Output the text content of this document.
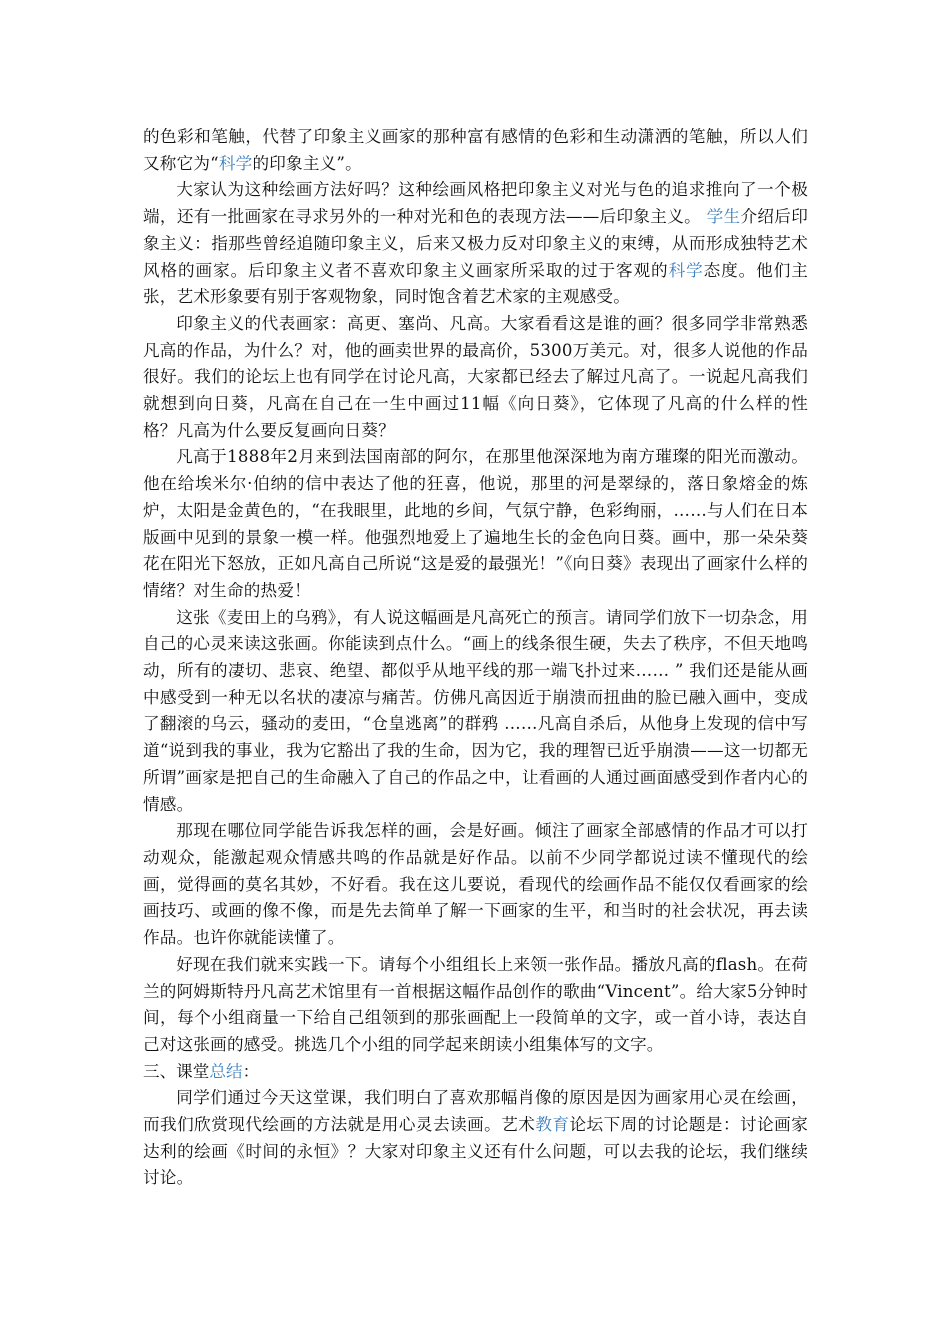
的色彩和笔触，代替了印象主义画家的那种富有感情的色彩和生动潇洒的笔触，所以人们又称它为“科学的印象主义”。

大家认为这种绘画方法好吗？这种绘画风格把印象主义对光与色的追求推向了一个极端，还有一批画家在寻求另外的一种对光和色的表现方法——后印象主义。 学生介绍后印象主义：指那些曾经追随印象主义，后来又极力反对印象主义的束缚，从而形成独特艺术风格的画家。后印象主义者不喜欢印象主义画家所采取的过于客观的科学态度。他们主张，艺术形象要有别于客观物象，同时饱含着艺术家的主观感受。

印象主义的代表画家：高更、塞尚、凡高。大家看看这是谁的画？很多同学非常熟悉凡高的作品，为什么？对，他的画卖世界的最高价，5300万美元。对，很多人说他的作品很好。我们的论坛上也有同学在讨论凡高，大家都已经去了解过凡高了。一说起凡高我们就想到向日葵，凡高在自己在一生中画过11幅《向日葵》，它体现了凡高的什么样的性格？凡高为什么要反复画向日葵？

凡高于1888年2月来到法国南部的阿尔，在那里他深深地为南方璀璨的阳光而激动。他在给埃米尔·伯纳的信中表达了他的狂喜，他说，那里的河是翠绿的，落日象熔金的炼炉，太阳是金黄色的，“在我眼里，此地的乡间，气氛宁静，色彩绚丽，……与人们在日本版画中见到的景象一模一样。他强烈地爱上了遍地生长的金色向日葵。画中，那一朵朵葵花在阳光下怒放，正如凡高自己所说“这是爱的最强光！”《向日葵》表现出了画家什么样的情绪？对生命的热爱！

这张《麦田上的乌鸦》，有人说这幅画是凡高死亡的预言。请同学们放下一切杂念，用自己的心灵来读这张画。你能读到点什么。“画上的线条很生硬，失去了秩序，不但天地鸣动，所有的凄切、悲哀、绝望、都似乎从地平线的那一端飞扑过来…… ” 我们还是能从画中感受到一种无以名状的凄凉与痛苦。仿佛凡高因近于崩溃而扭曲的脸已融入画中，变成了翻滚的乌云，骚动的麦田，“仓皇逃离”的群鸦 ……凡高自杀后，从他身上发现的信中写道“说到我的事业，我为它豁出了我的生命，因为它，我的理智已近乎崩溃——这一切都无所谓”画家是把自己的生命融入了自己的作品之中，让看画的人通过画面感受到作者内心的情感。

那现在哪位同学能告诉我怎样的画，会是好画。倾注了画家全部感情的作品才可以打动观众，能激起观众情感共鸣的作品就是好作品。以前不少同学都说过读不懂现代的绘画，觉得画的莫名其妙，不好看。我在这儿要说，看现代的绘画作品不能仅仅看画家的绘画技巧、或画的像不像，而是先去简单了解一下画家的生平，和当时的社会状况，再去读作品。也许你就能读懂了。

好现在我们就来实践一下。请每个小组组长上来领一张作品。播放凡高的flash。在荷兰的阿姆斯特丹凡高艺术馆里有一首根据这幅作品创作的歌曲“Vincent”。给大家5分钟时间，每个小组商量一下给自己组领到的那张画配上一段简单的文字，或一首小诗，表达自己对这张画的感受。挑选几个小组的同学起来朗读小组集体写的文字。

三、课堂总结：

同学们通过今天这堂课，我们明白了喜欢那幅肖像的原因是因为画家用心灵在绘画，而我们欣赏现代绘画的方法就是用心灵去读画。艺术教育论坛下周的讨论题是：讨论画家达利的绘画《时间的永恒》？大家对印象主义还有什么问题，可以去我的论坛，我们继续讨论。
